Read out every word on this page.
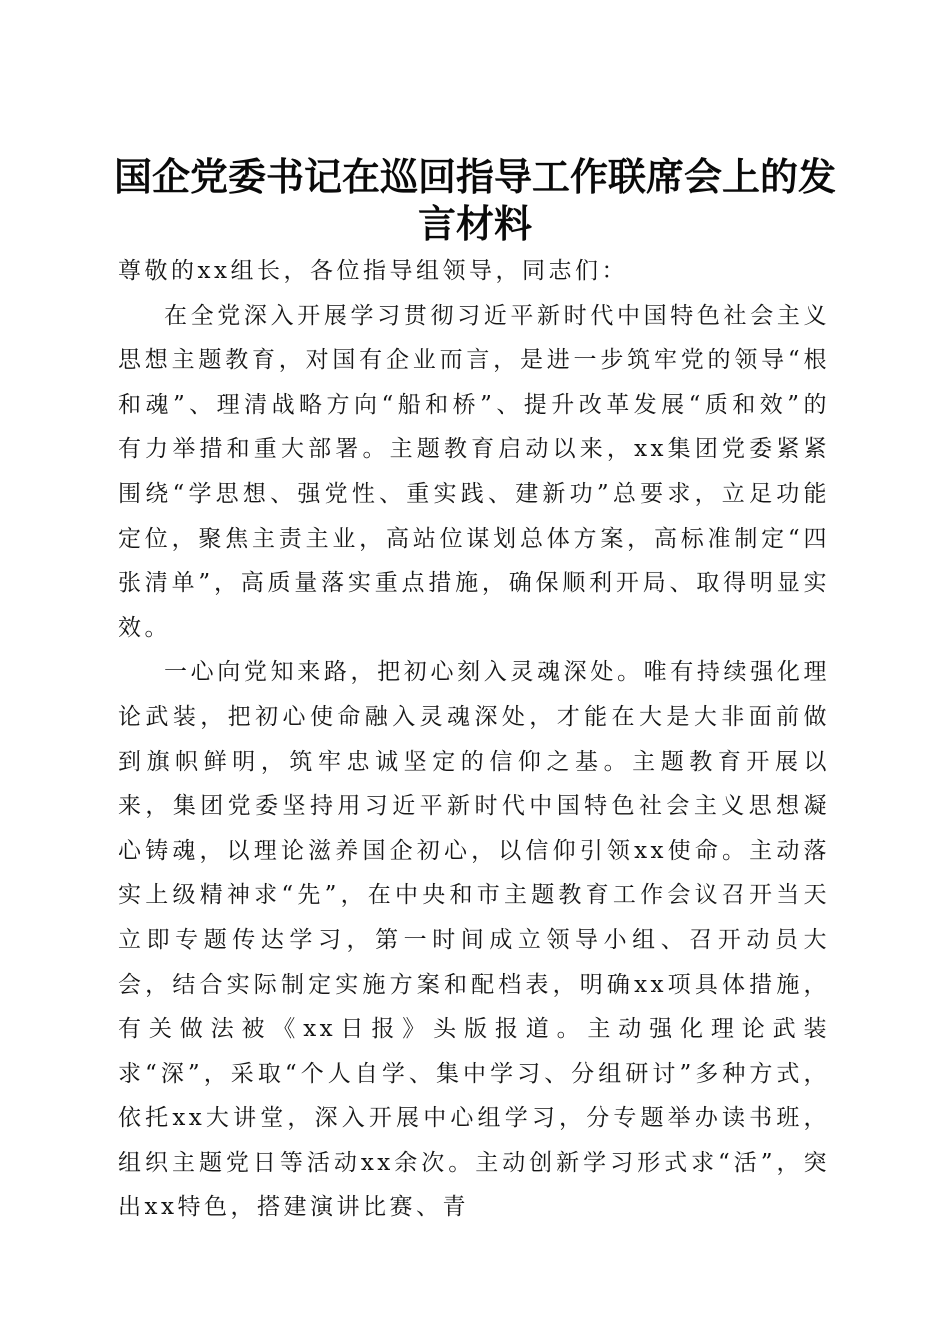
国企党委书记在巡回指导工作联席会上的发言材料

尊敬的xx组长，各位指导组领导，同志们：

在全党深入开展学习贯彻习近平新时代中国特色社会主义思想主题教育，对国有企业而言，是进一步筑牢党的领导“根和魂”、理清战略方向“船和桥”、提升改革发展“质和效”的有力举措和重大部署。主题教育启动以来，xx集团党委紧紧围绕“学思想、强党性、重实践、建新功”总要求，立足功能定位，聚焦主责主业，高站位谋划总体方案，高标准制定“四张清单”，高质量落实重点措施，确保顺利开局、取得明显实效。

一心向党知来路，把初心刻入灵魂深处。唯有持续强化理论武装，把初心使命融入灵魂深处，才能在大是大非面前做到旗帜鲜明，筑牢忠诚坚定的信仰之基。主题教育开展以来，集团党委坚持用习近平新时代中国特色社会主义思想凝心铸魂，以理论滋养国企初心，以信仰引领xx使命。主动落实上级精神求“先”，在中央和市主题教育工作会议召开当天立即专题传达学习，第一时间成立领导小组、召开动员大会，结合实际制定实施方案和配档表，明确xx项具体措施，有关做法被《xx日报》头版报道。主动强化理论武装求“深”，采取“个人自学、集中学习、分组研讨”多种方式，依托xx大讲堂，深入开展中心组学习，分专题举办读书班，组织主题党日等活动xx余次。主动创新学习形式求“活”，突出xx特色，搭建演讲比赛、青
